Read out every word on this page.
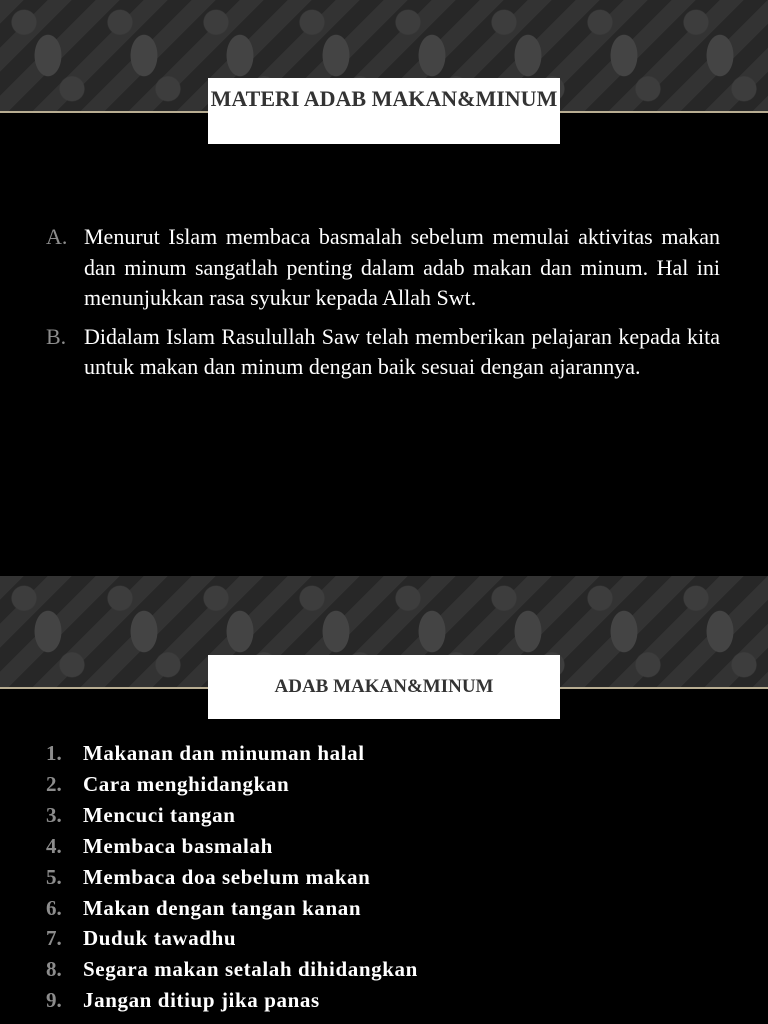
MATERI ADAB MAKAN&MINUM
A. Menurut Islam membaca basmalah sebelum memulai aktivitas makan dan minum sangatlah penting dalam adab makan dan minum. Hal ini menunjukkan rasa syukur kepada Allah Swt.
B. Didalam Islam Rasulullah Saw telah memberikan pelajaran kepada kita untuk makan dan minum dengan baik sesuai dengan ajarannya.
ADAB MAKAN&MINUM
1. Makanan dan minuman halal
2. Cara menghidangkan
3. Mencuci tangan
4. Membaca basmalah
5. Membaca doa sebelum makan
6. Makan dengan tangan kanan
7. Duduk tawadhu
8. Segara makan setalah dihidangkan
9. Jangan ditiup jika panas
